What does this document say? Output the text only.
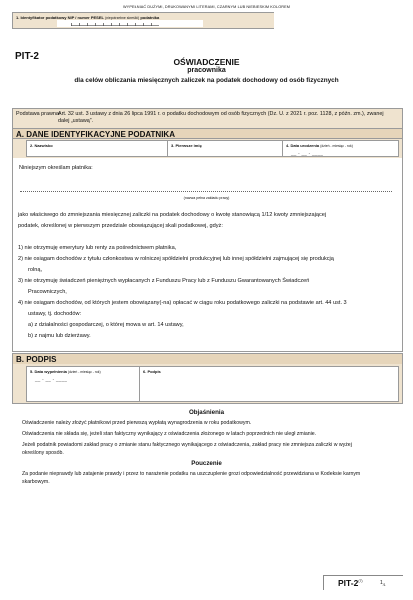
WYPEŁNIAĆ DUŻYMI, DRUKOWANYMI LITERAMI, CZARNYM LUB NIEBIESKIM KOLOREM
1. Identyfikator podatkowy NIP / numer PESEL (niepotrzebne skreślić) podatnika
PIT-2	OŚWIADCZENIE
pracownika
dla celów obliczania miesięcznych zaliczek na podatek dochodowy od osób fizycznych
Podstawa prawna:
Art. 32 ust. 3 ustawy z dnia 26 lipca 1991 r. o podatku dochodowym od osób fizycznych (Dz. U. z 2021 r. poz. 1128, z późn. zm.), zwanej dalej „ustawą”.
A. DANE IDENTYFIKACYJNE PODATNIKA
2. Nazwisko	3. Pierwsze imię	4. Data urodzenia (dzień - miesiąc - rok)
__ - __ - ____
Niniejszym określam płatnika:
jako właściwego do zmniejszania miesięcznej zaliczki na podatek dochodowy o kwotę stanowiącą 1/12 kwoty zmniejszającej
podatek, określonej w pierwszym przedziale obowiązującej skali podatkowej, gdyż:
1) nie otrzymuję emerytury lub renty za pośrednictwem płatnika,
2) nie osiągam dochodów z tytułu członkostwa w rolniczej spółdzielni produkcyjnej lub innej spółdzielni zajmującej się produkcją
rolną,
3) nie otrzymuję świadczeń pieniężnych wypłacanych z Funduszu Pracy lub z Funduszu Gwarantowanych Świadczeń
Pracowniczych,
4) nie osiągam dochodów, od których jestem obowiązany(-na) opłacać w ciągu roku podatkowego zaliczki na podstawie art. 44 ust. 3
ustawy, tj. dochodów:
a) z działalności gospodarczej, o której mowa w art. 14 ustawy,
b) z najmu lub dzierżawy.
(nazwa pełna zakładu pracy)
B. PODPIS
5. Data wypełnienia (dzień - miesiąc - rok)
__ - __ - ____
6. Podpis
Objaśnienia
Oświadczenie należy złożyć płatnikowi przed pierwszą wypłatą wynagrodzenia w roku podatkowym.
Oświadczenia nie składa się, jeżeli stan faktyczny wynikający z oświadczenia złożonego w latach poprzednich nie uległ zmianie.
Jeżeli podatnik powiadomi zakład pracy o zmianie stanu faktycznego wynikającego z oświadczenia, zakład pracy nie zmniejsza zaliczki w wyżej
określony sposób.
Pouczenie
Za podanie nieprawdy lub zatajenie prawdy i przez to narażenie podatku na uszczuplenie grozi odpowiedzialność przewidziana w Kodeksie karnym
skarbowym.
PIT-2$^{(7)}$	$1_{/1}$
